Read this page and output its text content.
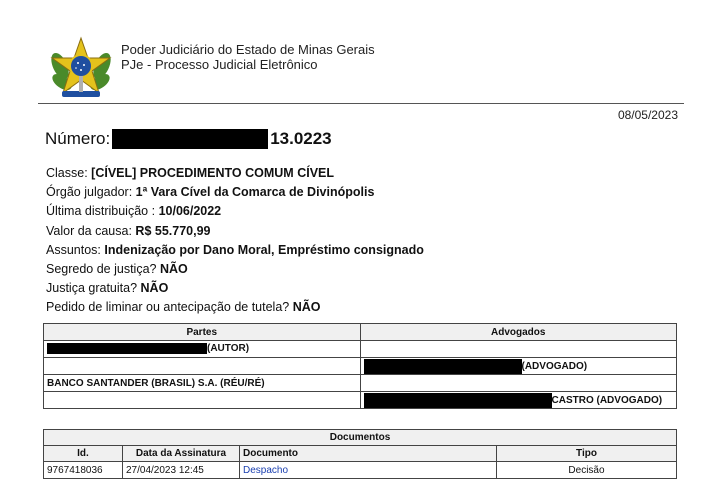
Poder Judiciário do Estado de Minas Gerais
PJe - Processo Judicial Eletrônico
08/05/2023
Número:	13.0223
Classe: [CÍVEL] PROCEDIMENTO COMUM CÍVEL
Órgão julgador: 1ª Vara Cível da Comarca de Divinópolis
Última distribuição : 10/06/2022
Valor da causa: R$ 55.770,99
Assuntos: Indenização por Dano Moral, Empréstimo consignado
Segredo de justiça? NÃO
Justiça gratuita? NÃO
Pedido de liminar ou antecipação de tutela? NÃO
Partes	Advogados
(AUTOR)	
	(ADVOGADO)
BANCO SANTANDER (BRASIL) S.A. (RÉU/RÉ)	
	CASTRO (ADVOGADO)
Documentos			
Id.	Data da Assinatura	Documento	Tipo
9767418036	27/04/2023 12:45	Despacho	Decisão
